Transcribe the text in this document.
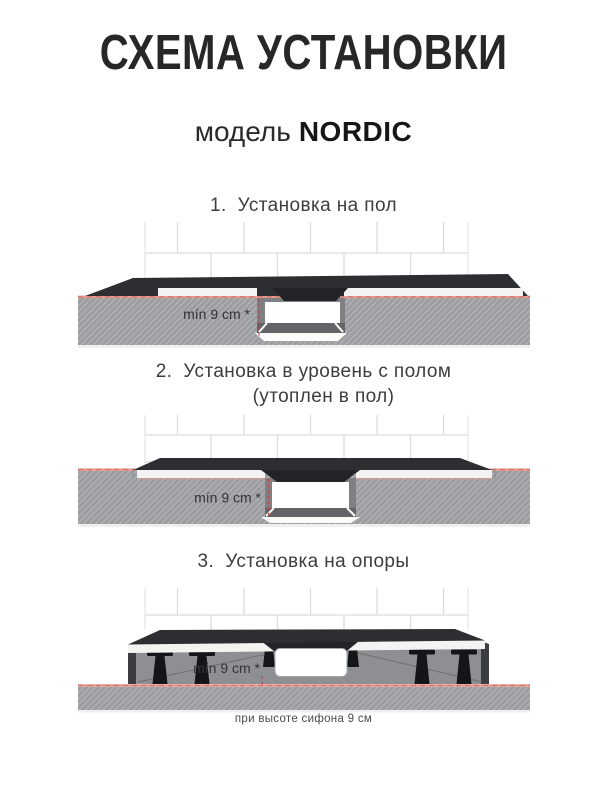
СХЕМА УСТАНОВКИ
модель NORDIC
1. Установка на пол
mín 9 cm *
2. Установка в уровень с полом
(утоплен в пол)
mín 9 cm *
3. Установка на опоры
mín 9 cm *
при высоте сифона 9 см
